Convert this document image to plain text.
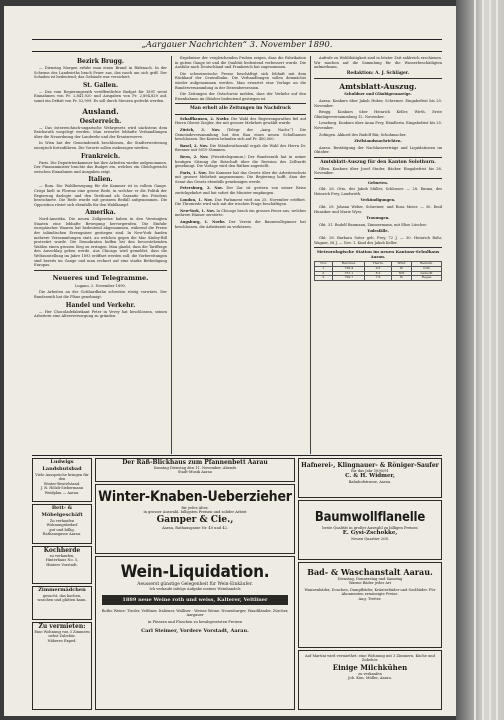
„Aargauer Nachrichten“ 3. November 1890.
Bezirk Brugg.

— Dienstag Morgen erfuhr man einen Brand in Rüfenach. In der Scheune des Landwirths brach Feuer aus, das rasch um sich griff. Der Schaden ist bedeutend; das Gebäude war versichert.

St. Gallen.

— Das vom Regierungsrath veröffentlichte Budget für 1891 weist Einnahmen von Fr. 2,841,920 und Ausgaben von Fr. 2,894,829 auf, somit ein Defizit von Fr. 52,909. Es soll durch Steuern gedeckt werden.

Ausland.
Oesterreich.

— Das österreichisch-ungarische Wehrgesetz wird nächstens dem Reichsrath vorgelegt werden. Man erwartet lebhafte Verhandlungen über die Neuordnung der Landwehr und der Ersatzreserve.

In Wien hat der Gemeinderath beschlossen, die Stadterweiterung energisch fortzuführen. Die Vororte sollen einbezogen werden.

Frankreich.

Paris. Die Deputirtenkammer hat ihre Arbeiten wieder aufgenommen. Der Finanzminister brachte das Budget ein, welches ein Gleichgewicht zwischen Einnahmen und Ausgaben zeigt.

Italien.

— Rom. Die Wahlbewegung für die Kammer ist in vollem Gange. Crispi hielt in Florenz eine grosse Rede, in welcher er die Politik der Regierung darlegte und den Dreibund als Garantie des Friedens bezeichnete. Die Rede wurde mit grossem Beifall aufgenommen. Die Opposition rüstet sich ebenfalls für den Wahlkampf.

Amerika.

Nord-Amerika. Die neuen Zollgesetze haben in den Vereinigten Staaten eine lebhafte Bewegung hervorgerufen. Die Einfuhr europäischer Waaren hat bedeutend abgenommen, während die Preise der inländischen Erzeugnisse gestiegen sind. In New-York fanden mehrere Versammlungen statt, an welchen gegen die Mac Kinley-Bill protestirt wurde. Die Demokraten hoffen bei den bevorstehenden Wahlen einen grossen Sieg zu erringen. Man glaubt, dass die Tariffrage den Ausschlag geben werde. Aus Chicago wird gemeldet, dass die Weltausstellung im Jahre 1893 eröffnet werden soll; die Vorbereitungen sind bereits im Gange und man rechnet auf eine starke Betheiligung Europas.

Neueres und Telegramme.

Lugano, 2. November 1890.

Die Arbeiten an der Gotthardbahn schreiten rüstig vorwärts. Der Bundesrath hat die Pläne genehmigt.

Handel und Verkehr.

— Her Chocoladefabrikant Peter in Vevey hat beschlossen, seinen Arbeitern eine Altersversorgung zu gründen.

Ergebnisse der vergleichenden Proben zeigen, dass die Fabrikation in gutem Gange ist und die Qualität bedeutend verbessert wurde. Die Ausfuhr nach Deutschland und Frankreich hat zugenommen.

Die schweizerische Presse beschäftigt sich lebhaft mit dem Rückkauf der Centralbahn. Die Verhandlungen sollen demnächst wieder aufgenommen werden. Man erwartet eine Vorlage an die Bundesversammlung in der Dezembersession.

Die Zeitungen der Ostschweiz melden, dass der Verkehr auf den Eisenbahnen im Oktober bedeutend gestiegen ist.

Man erholt alle Zeitungen im Nachdruck

Schaffhausen, 2. Novbr. Die Wahl des Regierungsrathes fiel auf Herrn Oberst Ziegler, der mit grosser Mehrheit gewählt wurde.

Zürich, 3. Nov. (Telegr. der „Aarg. Nachr.“) Die Gemeindeversammlung hat den Bau eines neuen Schulhauses beschlossen. Die Kosten belaufen sich auf Fr. 450,000.

Basel, 2. Nov. Die Ständerathswahl ergab die Wahl des Herrn Dr. Brenner mit 5819 Stimmen.

Bern, 2. Nov. (Privattelegramm.) Der Bundesrath hat in seiner heutigen Sitzung die Botschaft über die Revision des Zolltarifs genehmigt. Die Vorlage wird den Räthen zugestellt.

Paris, 1. Nov. Die Kammer hat das Gesetz über die Arbeiterschutz mit grosser Mehrheit angenommen. Die Regierung hofft, dass der Senat das Gesetz ebenfalls genehmigen werde.

Petersburg, 2. Nov. Der Zar ist gestern von seiner Reise zurückgekehrt und hat sofort die Minister empfangen.

London, 1. Nov. Das Parlament wird am 25. November eröffnet. Die Thronrede wird sich mit der irischen Frage beschäftigen.

New-York, 1. Nov. In Chicago brach ein grosses Feuer aus, welches mehrere Häuser zerstörte.

Augsburg, 1. Novbr. Der Verein der Baumwollspinner hat beschlossen, die Arbeitszeit zu verkürzen.

Aufrufe zu Wohlthätigkeit sind in letzter Zeit zahlreich erschienen. Wir machen auf die Sammlung für die Wasserbeschädigten aufmerksam.

Redaktion: A. J. Schläger.

Amtsblatt-Auszug.

Schuldner und Gläubigeranzeige.

Aarau. Konkurs über Jakob Huber, Schreiner. Eingabefrist bis 20. November.

Brugg. Konkurs über Heinrich Keller, Wirth. Erste Gläubigerversammlung 12. November.

Lenzburg. Konkurs über Anna Frey, Händlerin. Eingabefrist bis 25. November.

Zofingen. Akkord des Rudolf Bär, Schuhmacher.

Zivilstandsnachrichten.

Aarau. Bestätigung der Nachlassverträge und Liquidationen im Oktober.

Amtsblatt-Auszug für den Kanton Solothurn.

Olten. Konkurs über Josef Studer, Bäcker. Eingabefrist bis 28. November.

Geburten.

Okt. 26. Otto, des Jakob Müller, Schlosser. — 28. Emma, des Heinrich Frey, Landwirth.

Verkündigungen.

Okt. 29. Johann Weber, Schreiner, und Rosa Meier. — 30. Emil Hunziker und Marie Wyss.

Trauungen.

Okt. 31. Rudolf Baumann, Zimmermann, mit Elise Lüscher.

Todesfälle.

Okt. 28. Barbara Suter geb. Frey, 72 J. — 30. Heinrich Rohr, Wagner, 58 J. — Nov. 1. Kind des Jakob Keller.

Meteorologische Station im neuen Kantons-Schulhaus Aarau.

Nov.	Baromet.	Therm.	Wind	Bemerk.
1.	728.4	9.5	W	trüb
2.	731.1	8.2	NW	bedeckt
3.	729.7	7.6	W	Regen
Ludwigs Landshutsbad
Viele Aussprüche bringen für den
Winter-Beutelstand.
J. R. Hölzli-Siebermann
Weidplan — Aarau.
Bett- & Möbelgeschäft
Zu verkaufen
Wohnungsbedarf
gut und billig.
Rathausgasse Aarau.
Kochherde
zu verkaufen,
Hinterhaus No. 5,
Hintere Vorstadt.
Zimmermädchen
gesucht, das kochen,
waschen und glätten kann.
Zu vermieten:
Eine Wohnung von 3 Zimmern
nebst Zubehör.
Näheres Exped.
Der Räß-Blickhaus zum Pfannenbett Aarau
Sonntag Dienstag den 11. November, Abends
Stadt-Musik Aarau
Winter-Knaben-Ueberzieher
für jedes Alter,
in grosser Auswahl, billigsten Preisen und solider Arbeit
Gamper & Cie.,
Aarau, Rathausgasse Nr. 40 und 42.
Wein-Liquidation.
Aeusserst günstige Gelegenheit für Wein-Einkäufer.
Ich verkaufe infolge Aufgabe meines Weinhandels
1889 neue Weine roth und weiss, Kalterer, Veltliner
Rothe Weine: Tiroler, Veltliner, Italiener, Walliser · Weisse Weine: Neuenburger, Waadtländer, Zürcher, Aargauer
in Fässern und Flaschen zu herabgesetzten Preisen
Carl Steimer, Vordere Vorstadt, Aarau.
Hafnerei-, Klingnauer- & Röniger-Saufer
für das Jahr 1890/91
C. & H. Widmer,
Bahnhofstrasse, Aarau.
Baumwollflanelle
beste Qualität in großer Auswahl zu billigen Preisen
E. Gysi-Zschokke,
Neuen Quartier 208.
Bad- & Waschanstalt Aarau.
Dienstag, Donnerstag und Samstag
Warme Bäder jeder Art
Wannenbäder, Douchen, Dampfbäder, Kräuterbäder und Soolbäder. Für Abonnenten ermässigte Preise.
Aug. Treiter.
Auf Martini wird vermiethet: eine Wohnung mit 3 Zimmern, Küche und Zubehör.
Einige Milchkühen
zu verkaufen
Joh. Kim, Müller, Aarau.
